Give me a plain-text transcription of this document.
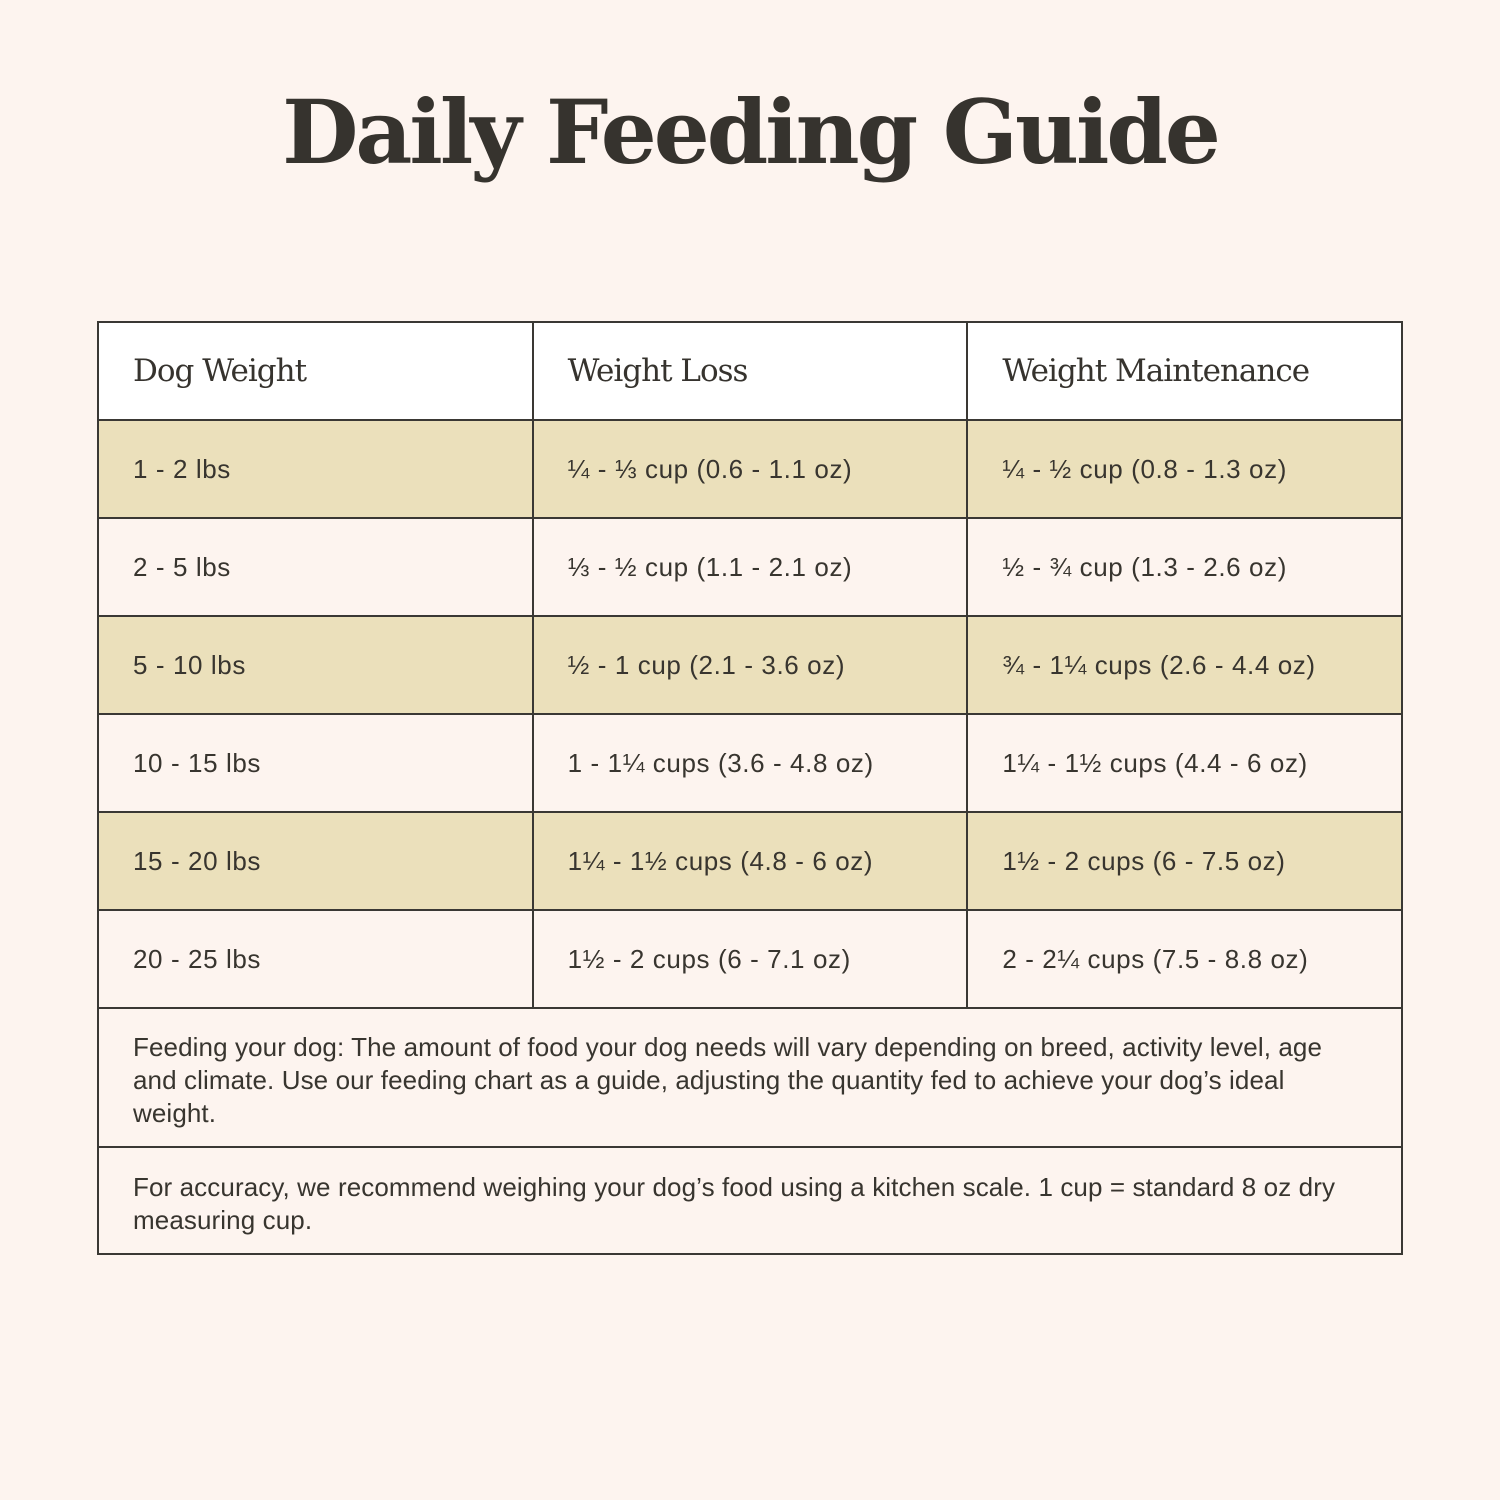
Daily Feeding Guide
Dog Weight	Weight Loss	Weight Maintenance
1 - 2 lbs	¼ - ⅓ cup (0.6 - 1.1 oz)	¼ - ½ cup (0.8 - 1.3 oz)
2 - 5 lbs	⅓ - ½ cup (1.1 - 2.1 oz)	½ - ¾ cup (1.3 - 2.6 oz)
5 - 10 lbs	½ - 1 cup (2.1 - 3.6 oz)	¾ - 1¼ cups (2.6 - 4.4 oz)
10 - 15 lbs	1 - 1¼ cups (3.6 - 4.8 oz)	1¼ - 1½ cups (4.4 - 6 oz)
15 - 20 lbs	1¼ - 1½ cups (4.8 - 6 oz)	1½ - 2 cups (6 - 7.5 oz)
20 - 25 lbs	1½ - 2 cups (6 - 7.1 oz)	2 - 2¼ cups (7.5 - 8.8 oz)
Feeding your dog: The amount of food your dog needs will vary depending on breed, activity level, age and climate. Use our feeding chart as a guide, adjusting the quantity fed to achieve your dog’s ideal weight.
For accuracy, we recommend weighing your dog’s food using a kitchen scale. 1 cup = standard 8 oz dry measuring cup.
